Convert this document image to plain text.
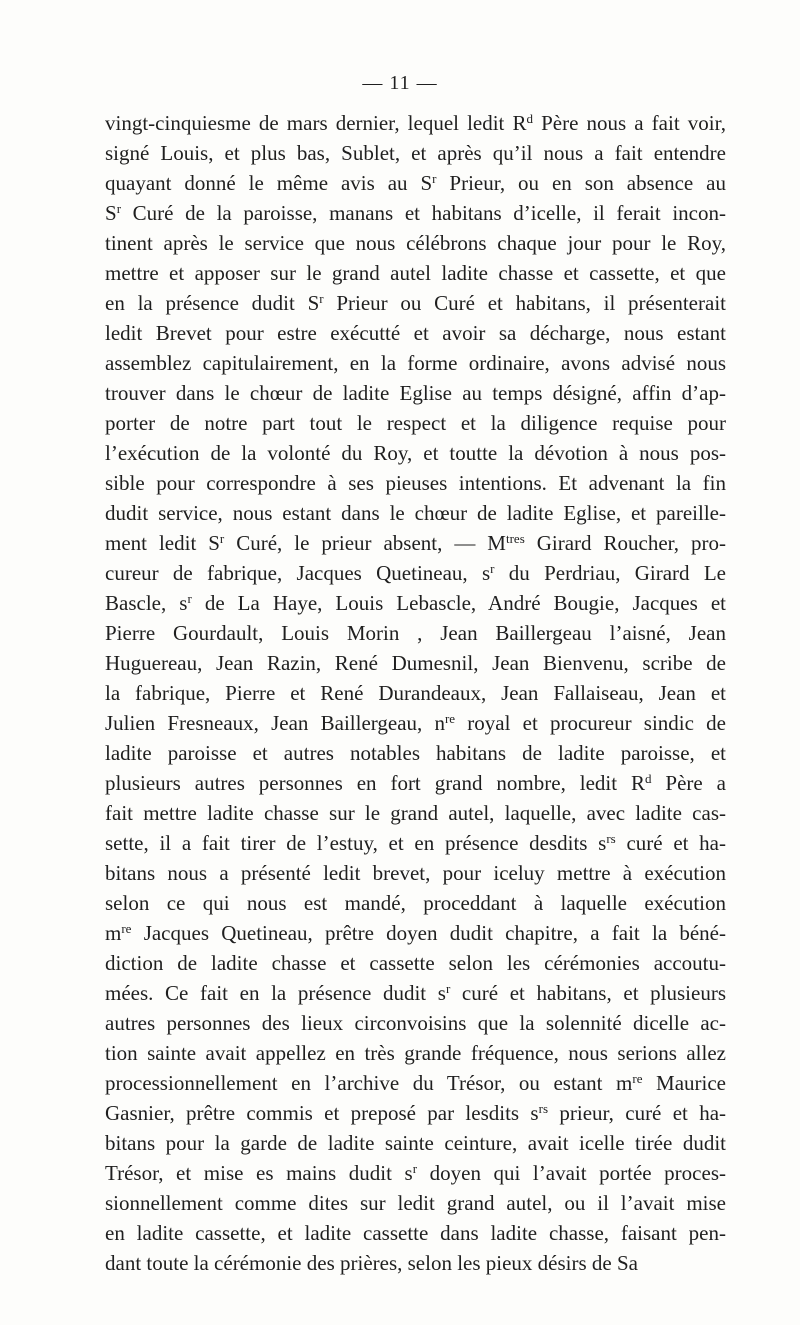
— 11 —
vingt-cinquiesme de mars dernier, lequel ledit $R^d$ Père nous a fait voir,
signé Louis, et plus bas, Sublet, et après qu’il nous a fait entendre
quayant donné le même avis au $S^r$ Prieur, ou en son absence au
$S^r$ Curé de la paroisse, manans et habitans d’icelle, il ferait incon-
tinent après le service que nous célébrons chaque jour pour le Roy,
mettre et apposer sur le grand autel ladite chasse et cassette, et que
en la présence dudit $S^r$ Prieur ou Curé et habitans, il présenterait
ledit Brevet pour estre exécutté et avoir sa décharge, nous estant
assemblez capitulairement, en la forme ordinaire, avons advisé nous
trouver dans le chœur de ladite Eglise au temps désigné, affin d’ap-
porter de notre part tout le respect et la diligence requise pour
l’exécution de la volonté du Roy, et toutte la dévotion à nous pos-
sible pour correspondre à ses pieuses intentions. Et advenant la fin
dudit service, nous estant dans le chœur de ladite Eglise, et pareille-
ment ledit $S^r$ Curé, le prieur absent, — $M^{tres}$ Girard Roucher, pro-
cureur de fabrique, Jacques Quetineau, $s^r$ du Perdriau, Girard Le
Bascle, $s^r$ de La Haye, Louis Lebascle, André Bougie, Jacques et
Pierre Gourdault, Louis Morin , Jean Baillergeau l’aisné, Jean
Huguereau, Jean Razin, René Dumesnil, Jean Bienvenu, scribe de
la fabrique, Pierre et René Durandeaux, Jean Fallaiseau, Jean et
Julien Fresneaux, Jean Baillergeau, $n^{re}$ royal et procureur sindic de
ladite paroisse et autres notables habitans de ladite paroisse, et
plusieurs autres personnes en fort grand nombre, ledit $R^d$ Père a
fait mettre ladite chasse sur le grand autel, laquelle, avec ladite cas-
sette, il a fait tirer de l’estuy, et en présence desdits $s^{rs}$ curé et ha-
bitans nous a présenté ledit brevet, pour iceluy mettre à exécution
selon ce qui nous est mandé, proceddant à laquelle exécution
$m^{re}$ Jacques Quetineau, prêtre doyen dudit chapitre, a fait la béné-
diction de ladite chasse et cassette selon les cérémonies accoutu-
mées. Ce fait en la présence dudit $s^r$ curé et habitans, et plusieurs
autres personnes des lieux circonvoisins que la solennité dicelle ac-
tion sainte avait appellez en très grande fréquence, nous serions allez
processionnellement en l’archive du Trésor, ou estant $m^{re}$ Maurice
Gasnier, prêtre commis et preposé par lesdits $s^{rs}$ prieur, curé et ha-
bitans pour la garde de ladite sainte ceinture, avait icelle tirée dudit
Trésor, et mise es mains dudit $s^r$ doyen qui l’avait portée proces-
sionnellement comme dites sur ledit grand autel, ou il l’avait mise
en ladite cassette, et ladite cassette dans ladite chasse, faisant pen-
dant toute la cérémonie des prières, selon les pieux désirs de Sa
